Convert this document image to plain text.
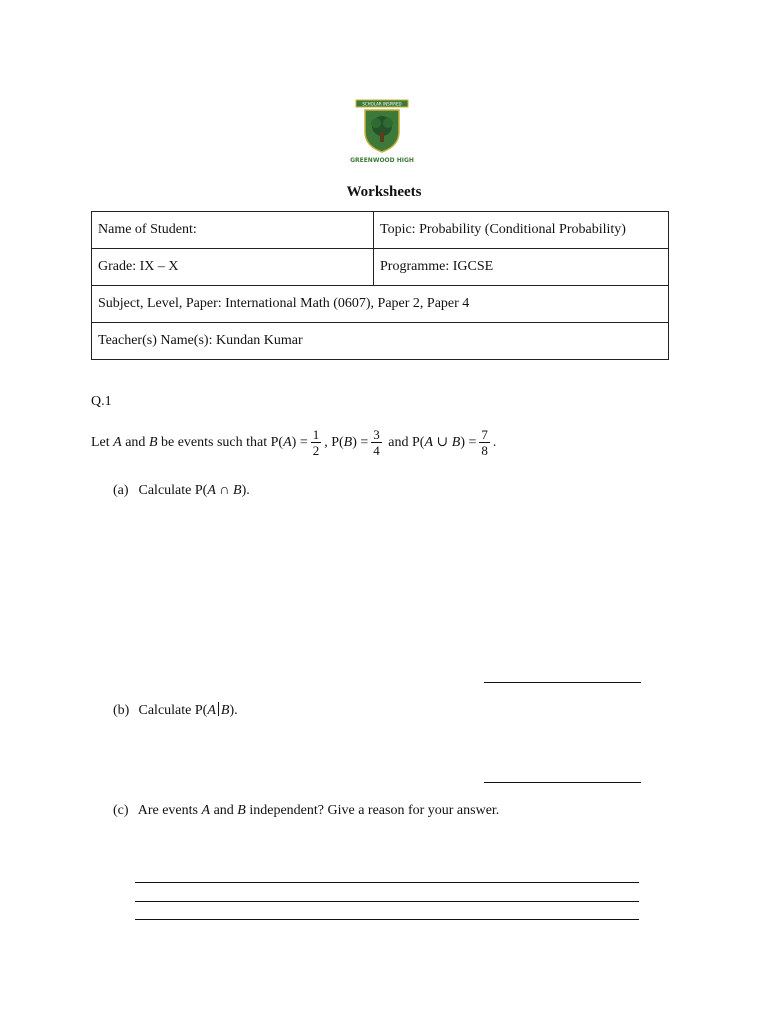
SCHOLAR INSPIRED
GREENWOOD HIGH
Worksheets
Name of Student:	Topic: Probability (Conditional Probability)
Grade: IX – X	Programme: IGCSE
Subject, Level, Paper: International Math (0607), Paper 2, Paper 4	
Teacher(s) Name(s): Kundan Kumar	
Q.1
Let
A
and
B
be events such that P( A ) = $\frac{1}{2}$ , P( B ) = $\frac{3}{4}$
and P( A
∪
B ) = $\frac{7}{8}$ .
(a) Calculate P(A ∩ B).
(b) Calculate P(A B).
(c) Are events A and B independent? Give a reason for your answer.
